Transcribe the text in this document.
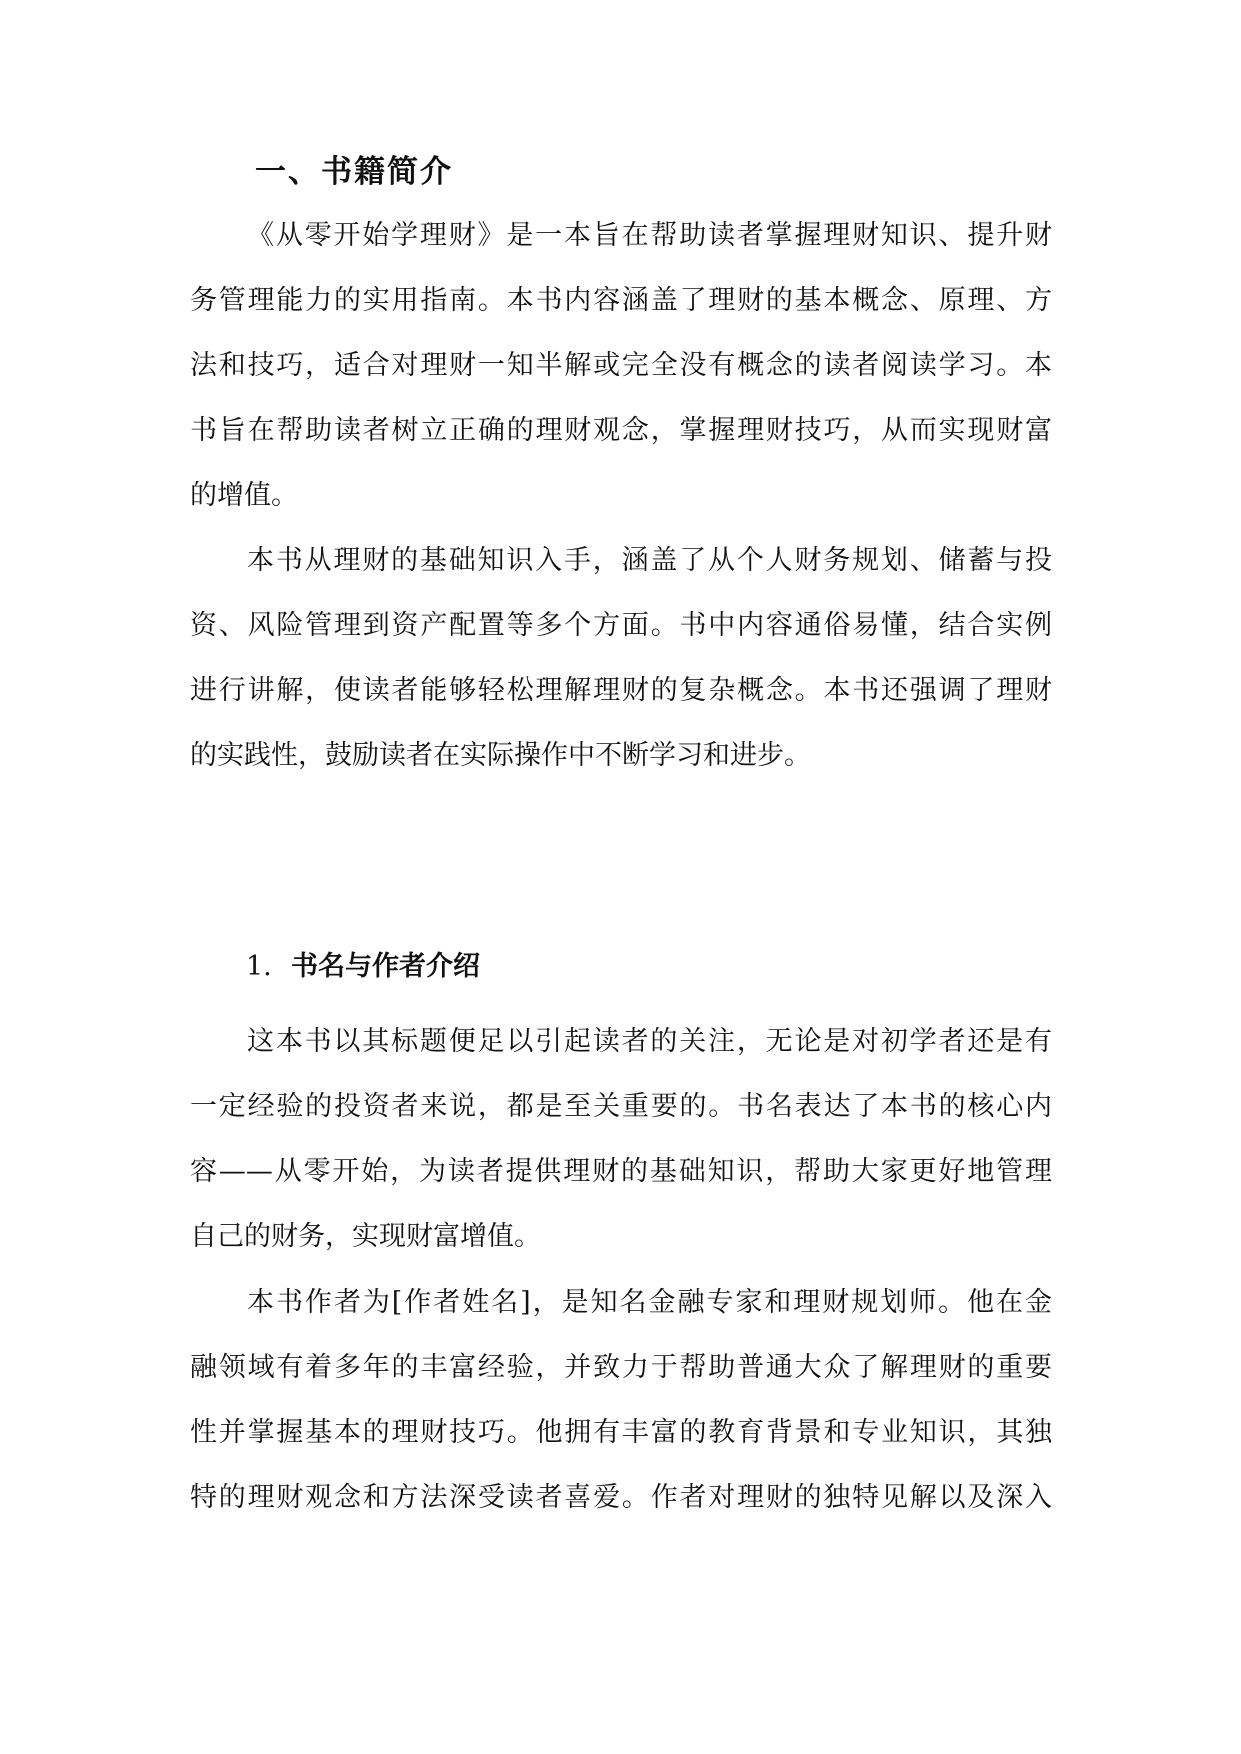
一、书籍简介

《从零开始学理财》是一本旨在帮助读者掌握理财知识、提升财

务管理能力的实用指南。本书内容涵盖了理财的基本概念、原理、方

法和技巧，适合对理财一知半解或完全没有概念的读者阅读学习。本

书旨在帮助读者树立正确的理财观念，掌握理财技巧，从而实现财富

的增值。

本书从理财的基础知识入手，涵盖了从个人财务规划、储蓄与投

资、风险管理到资产配置等多个方面。书中内容通俗易懂，结合实例

进行讲解，使读者能够轻松理解理财的复杂概念。本书还强调了理财

的实践性，鼓励读者在实际操作中不断学习和进步。

1. 书名与作者介绍

这本书以其标题便足以引起读者的关注，无论是对初学者还是有

一定经验的投资者来说，都是至关重要的。书名表达了本书的核心内

容——从零开始，为读者提供理财的基础知识，帮助大家更好地管理

自己的财务，实现财富增值。

本书作者为[作者姓名]，是知名金融专家和理财规划师。他在金

融领域有着多年的丰富经验，并致力于帮助普通大众了解理财的重要

性并掌握基本的理财技巧。他拥有丰富的教育背景和专业知识，其独

特的理财观念和方法深受读者喜爱。作者对理财的独特见解以及深入
